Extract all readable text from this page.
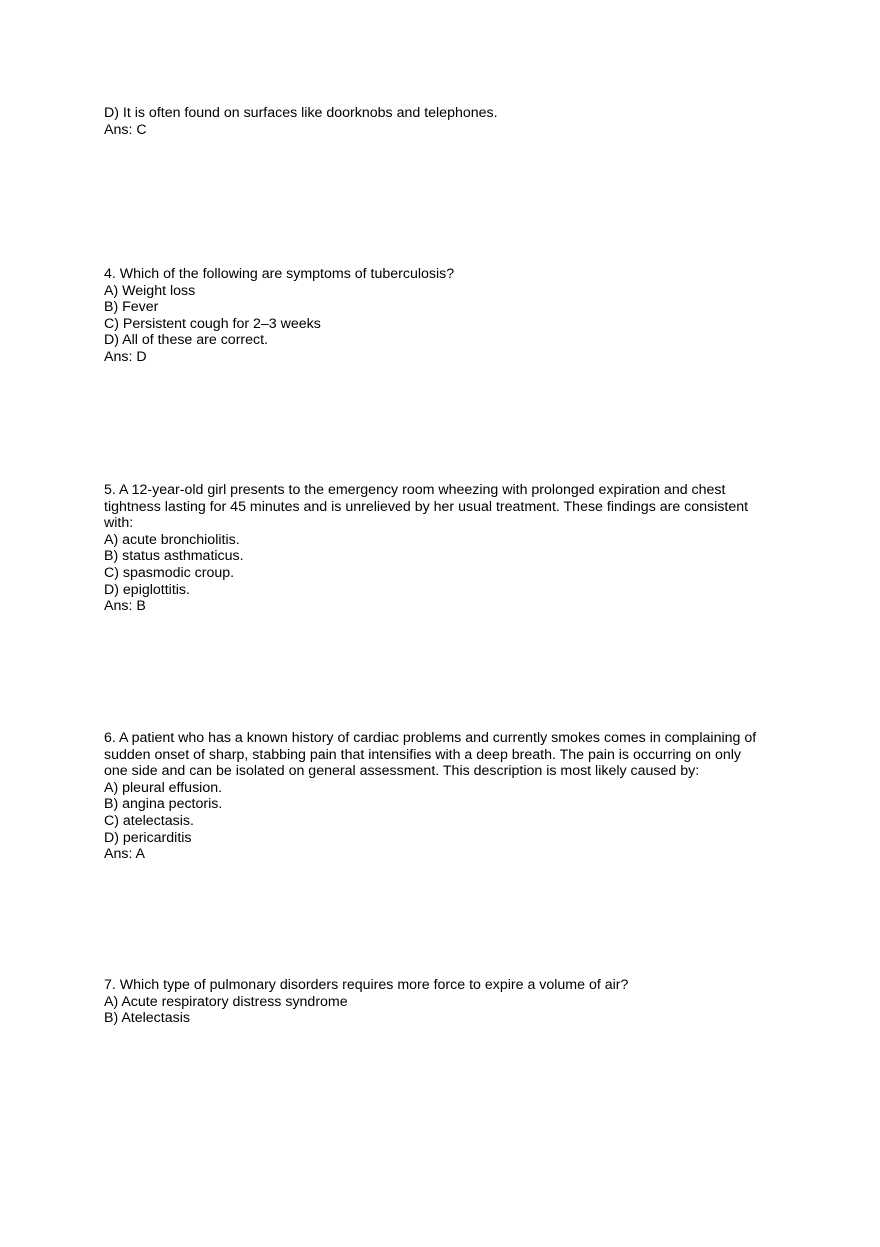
D) It is often found on surfaces like doorknobs and telephones.
Ans: C
4. Which of the following are symptoms of tuberculosis?
A) Weight loss
B) Fever
C) Persistent cough for 2–3 weeks
D) All of these are correct.
Ans: D
5. A 12-year-old girl presents to the emergency room wheezing with prolonged expiration and chest
tightness lasting for 45 minutes and is unrelieved by her usual treatment. These findings are consistent
with:
A) acute bronchiolitis.
B) status asthmaticus.
C) spasmodic croup.
D) epiglottitis.
Ans: B
6. A patient who has a known history of cardiac problems and currently smokes comes in complaining of
sudden onset of sharp, stabbing pain that intensifies with a deep breath. The pain is occurring on only
one side and can be isolated on general assessment. This description is most likely caused by:
A) pleural effusion.
B) angina pectoris.
C) atelectasis.
D) pericarditis
Ans: A
7. Which type of pulmonary disorders requires more force to expire a volume of air?
A) Acute respiratory distress syndrome
B) Atelectasis
